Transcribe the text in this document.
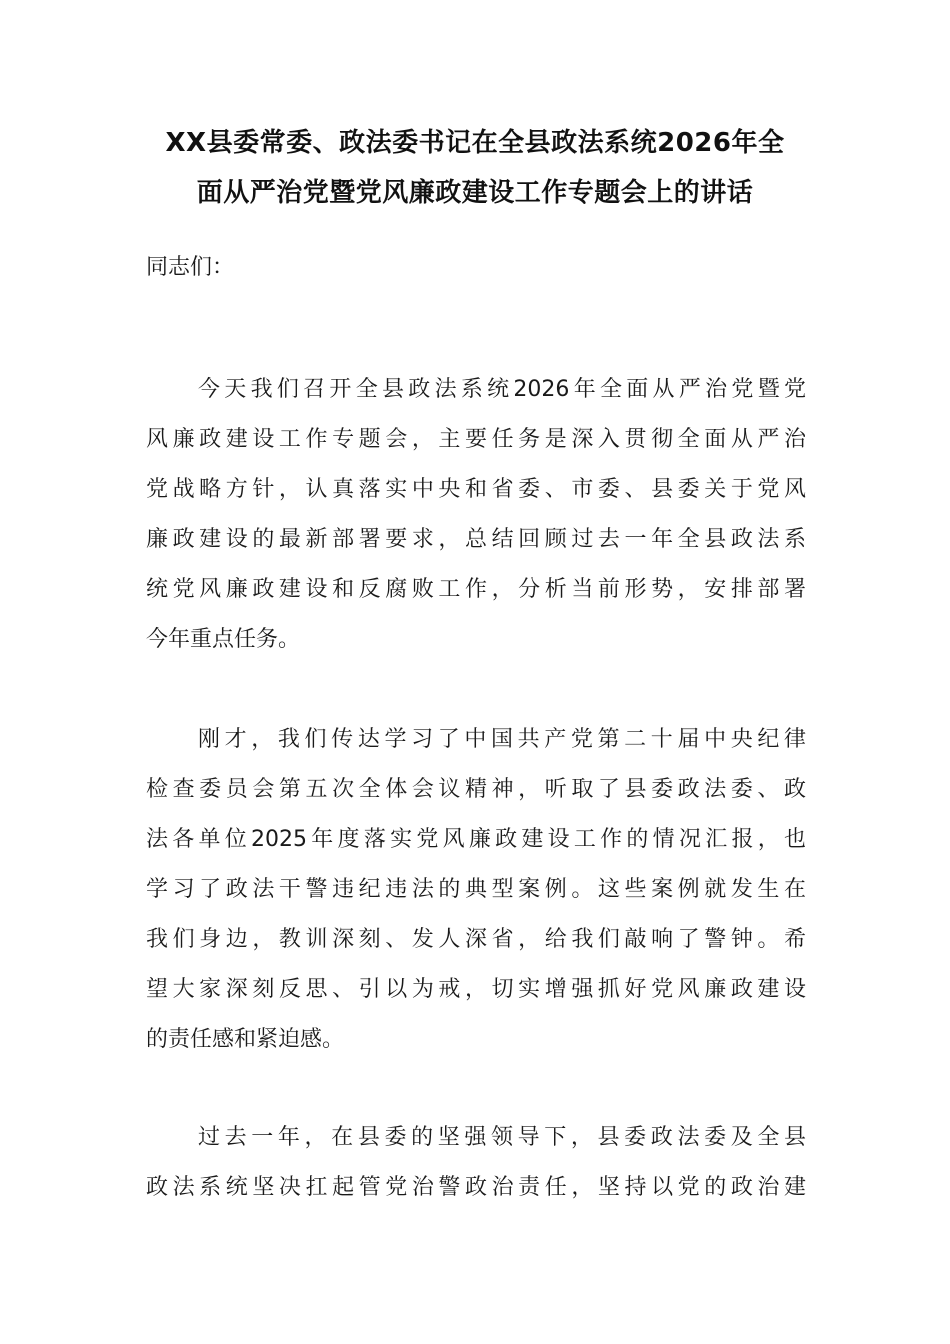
XX县委常委、政法委书记在全县政法系统2026年全
面从严治党暨党风廉政建设工作专题会上的讲话

同志们：

今天我们召开全县政法系统2026年全面从严治党暨党
风廉政建设工作专题会，主要任务是深入贯彻全面从严治
党战略方针，认真落实中央和省委、市委、县委关于党风
廉政建设的最新部署要求，总结回顾过去一年全县政法系
统党风廉政建设和反腐败工作，分析当前形势，安排部署
今年重点任务。
刚才，我们传达学习了中国共产党第二十届中央纪律
检查委员会第五次全体会议精神，听取了县委政法委、政
法各单位2025年度落实党风廉政建设工作的情况汇报，也
学习了政法干警违纪违法的典型案例。这些案例就发生在
我们身边，教训深刻、发人深省，给我们敲响了警钟。希
望大家深刻反思、引以为戒，切实增强抓好党风廉政建设
的责任感和紧迫感。
过去一年，在县委的坚强领导下，县委政法委及全县
政法系统坚决扛起管党治警政治责任，坚持以党的政治建
